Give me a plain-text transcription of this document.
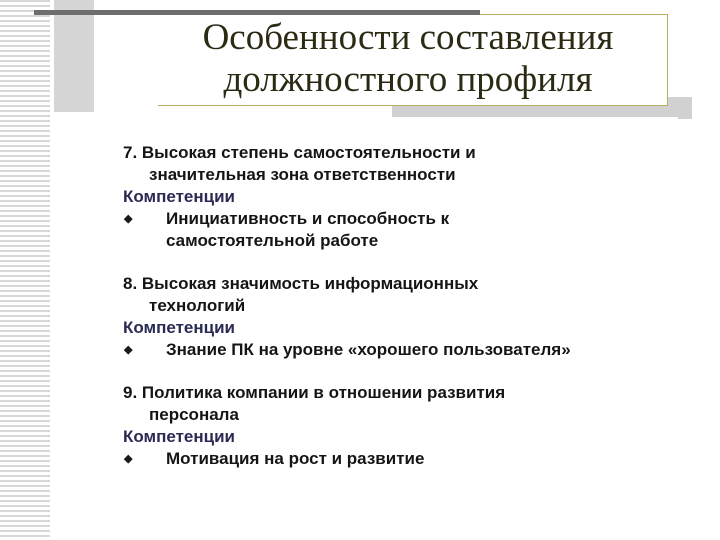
Особенности составления
должностного профиля
7. Высокая степень самостоятельности и
значительная зона ответственности
Компетенции
◆ Инициативность и способность к
самостоятельной работе
8. Высокая значимость информационных
технологий
Компетенции
◆ Знание ПК на уровне «хорошего пользователя»
9. Политика компании в отношении развития
персонала
Компетенции
◆ Мотивация на рост и развитие
